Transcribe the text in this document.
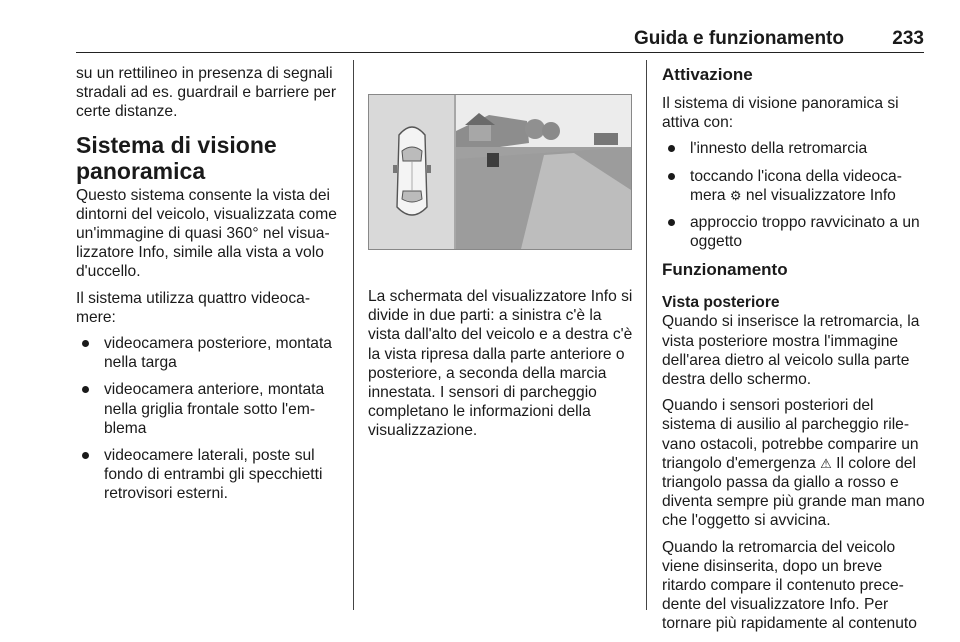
Guida e funzionamento	233

su un rettilineo in presenza di segnali stradali ad es. guardrail e barriere per certe distanze.

Sistema di visione panoramica

Questo sistema consente la vista dei dintorni del veicolo, visualizzata come un'immagine di quasi 360° nel visualizzatore Info, simile alla vista a volo d'uccello.

Il sistema utilizza quattro videocamere:

videocamera posteriore, montata nella targa
videocamera anteriore, montata nella griglia frontale sotto l'emblema
videocamere laterali, poste sul fondo di entrambi gli specchietti retrovisori esterni.

La schermata del visualizzatore Info si divide in due parti: a sinistra c'è la vista dall'alto del veicolo e a destra c'è la vista ripresa dalla parte anteriore o posteriore, a seconda della marcia innestata. I sensori di parcheggio completano le informazioni della visualizzazione.

Attivazione

Il sistema di visione panoramica si attiva con:

l'innesto della retromarcia
toccando l'icona della videocamera ⚙ nel visualizzatore Info
approccio troppo ravvicinato a un oggetto
Funzionamento
Vista posteriore

Quando si inserisce la retromarcia, la vista posteriore mostra l'immagine dell'area dietro al veicolo sulla parte destra dello schermo.

Quando i sensori posteriori del sistema di ausilio al parcheggio rilevano ostacoli, potrebbe comparire un triangolo d'emergenza ⚠ Il colore del triangolo passa da giallo a rosso e diventa sempre più grande man mano che l'oggetto si avvicina.

Quando la retromarcia del veicolo viene disinserita, dopo un breve ritardo compare il contenuto precedente del visualizzatore Info. Per tornare più rapidamente al contenuto
